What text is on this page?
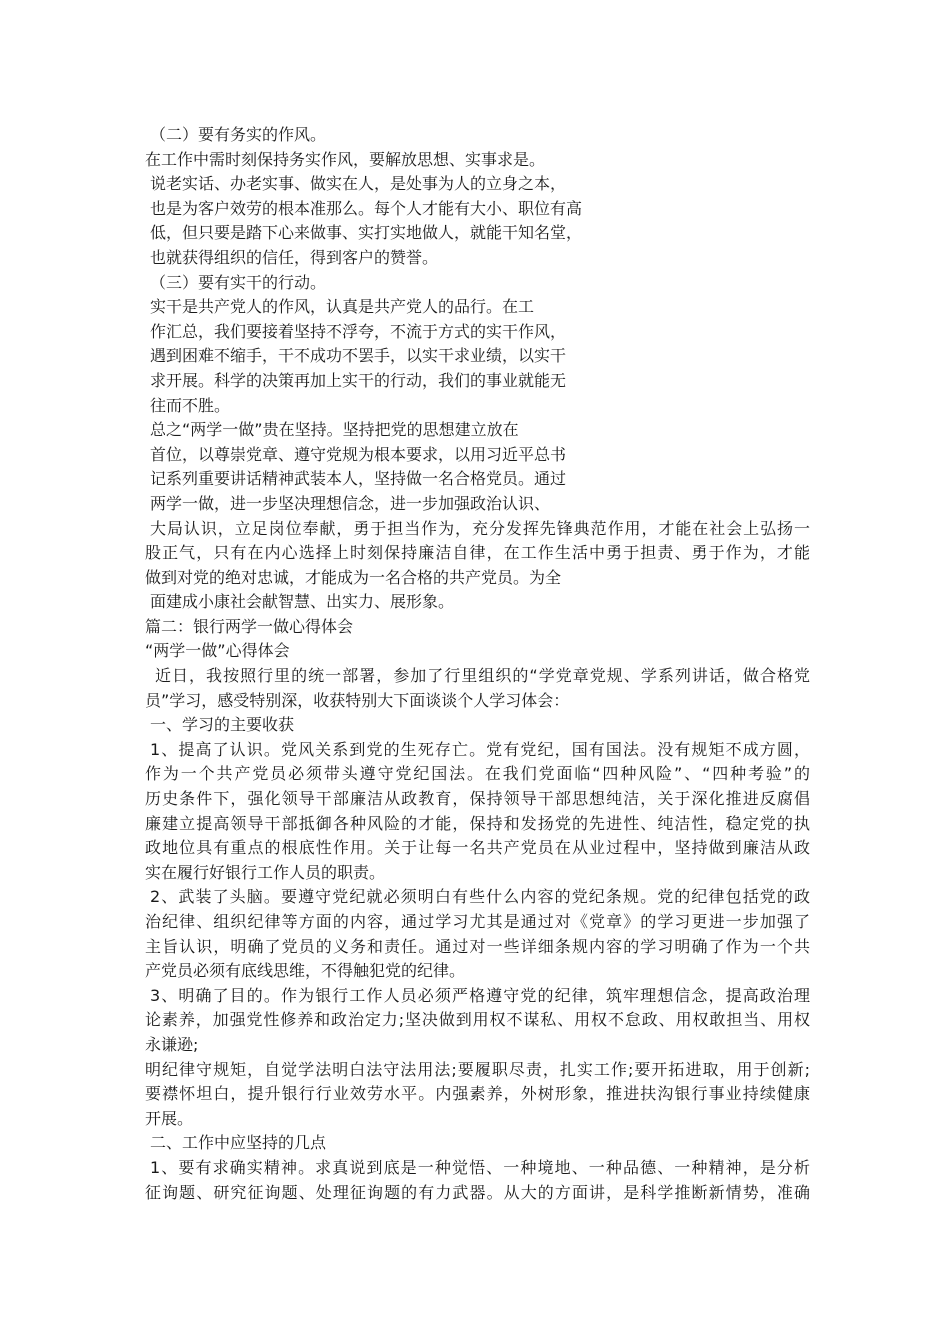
（二）要有务实的作风。
在工作中需时刻保持务实作风，要解放思想、实事求是。
说老实话、办老实事、做实在人，是处事为人的立身之本，
也是为客户效劳的根本准那么。每个人才能有大小、职位有高
低，但只要是踏下心来做事、实打实地做人，就能干知名堂，
也就获得组织的信任，得到客户的赞誉。
（三）要有实干的行动。
实干是共产党人的作风，认真是共产党人的品行。在工
作汇总，我们要接着坚持不浮夸，不流于方式的实干作风，
遇到困难不缩手，干不成功不罢手，以实干求业绩，以实干
求开展。科学的决策再加上实干的行动，我们的事业就能无
往而不胜。
总之“两学一做”贵在坚持。坚持把党的思想建立放在
首位，以尊崇党章、遵守党规为根本要求，以用习近平总书
记系列重要讲话精神武装本人，坚持做一名合格党员。通过
两学一做，进一步坚决理想信念，进一步加强政治认识、
大局认识，立足岗位奉献，勇于担当作为，充分发挥先锋典范作用，才能在社会上弘扬一
股正气，只有在内心选择上时刻保持廉洁自律，在工作生活中勇于担责、勇于作为，才能
做到对党的绝对忠诚，才能成为一名合格的共产党员。为全
面建成小康社会献智慧、出实力、展形象。
篇二：银行两学一做心得体会
“两学一做”心得体会
近日，我按照行里的统一部署，参加了行里组织的“学党章党规、学系列讲话，做合格党
员”学习，感受特别深，收获特别大下面谈谈个人学习体会：
一、学习的主要收获
1、提高了认识。党风关系到党的生死存亡。党有党纪，国有国法。没有规矩不成方圆，
作为一个共产党员必须带头遵守党纪国法。在我们党面临“四种风险”、“四种考验”的
历史条件下，强化领导干部廉洁从政教育，保持领导干部思想纯洁，关于深化推进反腐倡
廉建立提高领导干部抵御各种风险的才能，保持和发扬党的先进性、纯洁性，稳定党的执
政地位具有重点的根底性作用。关于让每一名共产党员在从业过程中，坚持做到廉洁从政
实在履行好银行工作人员的职责。
2、武装了头脑。要遵守党纪就必须明白有些什么内容的党纪条规。党的纪律包括党的政
治纪律、组织纪律等方面的内容，通过学习尤其是通过对《党章》的学习更进一步加强了
主旨认识，明确了党员的义务和责任。通过对一些详细条规内容的学习明确了作为一个共
产党员必须有底线思维，不得触犯党的纪律。
3、明确了目的。作为银行工作人员必须严格遵守党的纪律，筑牢理想信念，提高政治理
论素养，加强党性修养和政治定力;坚决做到用权不谋私、用权不怠政、用权敢担当、用权
永谦逊;
明纪律守规矩，自觉学法明白法守法用法;要履职尽责，扎实工作;要开拓进取，用于创新;
要襟怀坦白，提升银行行业效劳水平。内强素养，外树形象，推进扶沟银行事业持续健康
开展。
二、工作中应坚持的几点
1、要有求确实精神。求真说到底是一种觉悟、一种境地、一种品德、一种精神，是分析
征询题、研究征询题、处理征询题的有力武器。从大的方面讲，是科学推断新情势，准确
